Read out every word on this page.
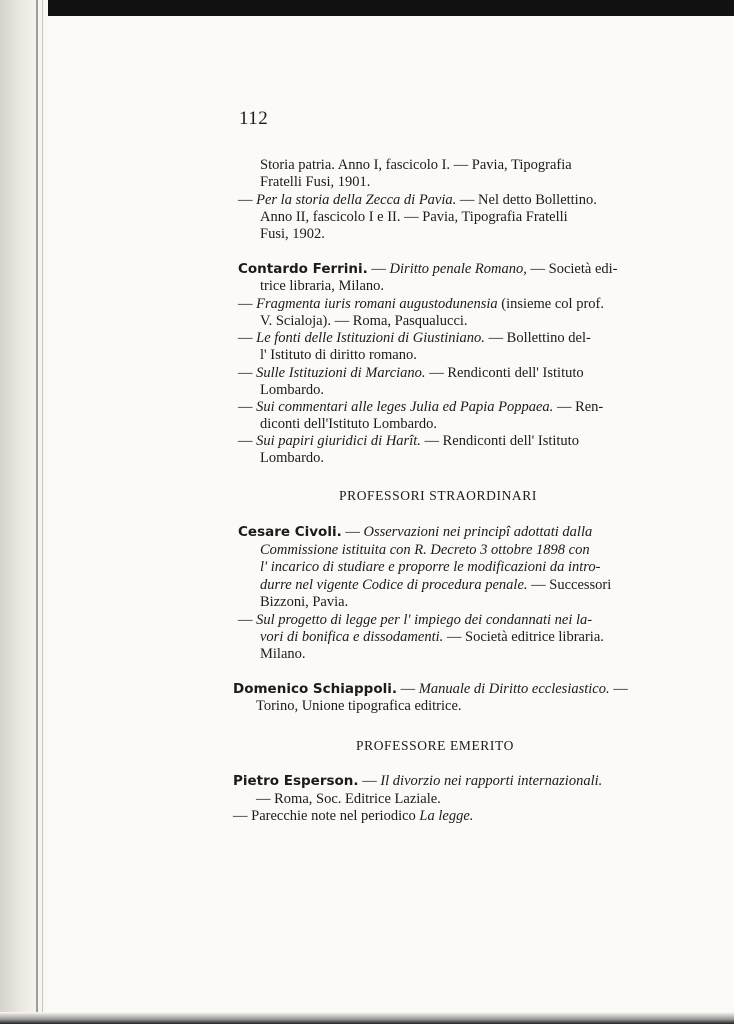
112
Storia patria. Anno I, fascicolo I. — Pavia, Tipografia
Fratelli Fusi, 1901.
— Per la storia della Zecca di Pavia. — Nel detto Bollettino.
Anno II, fascicolo I e II. — Pavia, Tipografia Fratelli
Fusi, 1902.
Contardo Ferrini. — Diritto penale Romano, — Società edi-
trice libraria, Milano.
— Fragmenta iuris romani augustodunensia (insieme col prof.
V. Scialoja). — Roma, Pasqualucci.
— Le fonti delle Istituzioni di Giustiniano. — Bollettino del-
l' Istituto di diritto romano.
— Sulle Istituzioni di Marciano. — Rendiconti dell' Istituto
Lombardo.
— Sui commentari alle leges Julia ed Papia Poppaea. — Ren-
diconti dell'Istituto Lombardo.
— Sui papiri giuridici di Harît. — Rendiconti dell' Istituto
Lombardo.
PROFESSORI STRAORDINARI
Cesare Civoli. — Osservazioni nei principî adottati dalla
Commissione istituita con R. Decreto 3 ottobre 1898 con
l' incarico di studiare e proporre le modificazioni da intro-
durre nel vigente Codice di procedura penale. — Successori
Bizzoni, Pavia.
— Sul progetto di legge per l' impiego dei condannati nei la-
vori di bonifica e dissodamenti. — Società editrice libraria.
Milano.
Domenico Schiappoli. — Manuale di Diritto ecclesiastico. —
Torino, Unione tipografica editrice.
PROFESSORE EMERITO
Pietro Esperson. — Il divorzio nei rapporti internazionali.
— Roma, Soc. Editrice Laziale.
— Parecchie note nel periodico La legge.
